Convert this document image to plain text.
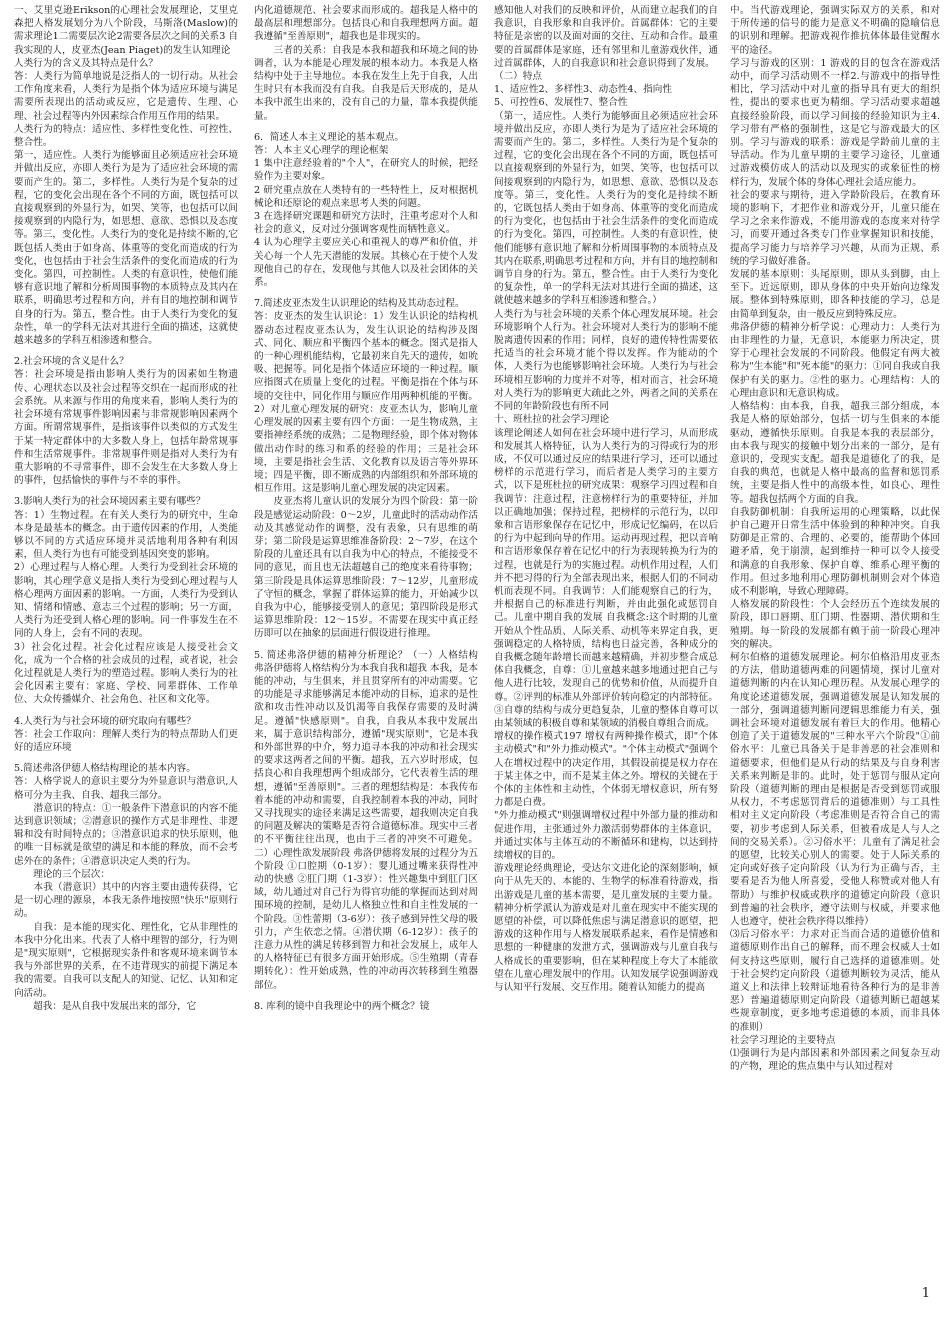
一、艾里克逊Erikson的心理社会发展理论，艾里克森把人格发展划分为八个阶段，马斯洛(Maslow)的需求理论1二需要层次论2需要各层次之间的关系3 自我实现的人，皮亚杰(Jean Piaget)的发生认知理论

人类行为的含义及其特点是什么？

答：人类行为简单地说是泛指人的一切行动。从社会工作角度来看，人类行为是指个体为适应环境与满足需要所表现出的活动或反应，它是遗传、生理、心理、社会过程等内外因素综合作用互作用的结果。

人类行为的特点：适应性、多样性变化性、可控性、整合性。

第一，适应性。人类行为能够面且必须适应社会环境并做出反应，亦即人类行为是为了适应社会环境的需要而产生的。第二，多样性。人类行为是个复杂的过程，它的变化会出现在各个不同的方面，既包括可以直接观察到的外显行为，如哭、笑等，也包括可以间接观察到的内隐行为，如思想、意欲、恐惧以及态度等。第三，变化性。人类行为的变化是持续不断的,它既包括人类由于如身高、体重等的变化而造成的行为变化，也包括由于社会生活条件的变化而造成的行为变化。第四，可控制性。人类的有意识性，使他们能够有意识地了解和分析周围事物的本质特点及其内在联系，明确思考过程和方向，并有目的地控制和调节自身的行为。第五，整合性。由于人类行为变化的复杂性，单一的学科无法对其进行全面的描述，这就使越来越多的学科互相渗透和整合。

2.社会环境的含义是什么？

答：社会环境是指由影响人类行为的因素如生物遗传、心理状态以及社会过程等交织在一起而形成的社会系统。从来源与作用的角度来看，影响人类行为的社会环境有常规事件影响因素与非常规影响因素两个方面。所谓常规事件，是指该事件以类似的方式发生于某一特定群体中的大多数人身上，包括年龄常规事件和生活常规事件。非常规事件则是指对人类行为有重大影响的不寻常事件，即不会发生在大多数人身上的事件，包括愉快的事件与不幸的事件。

3.影响人类行为的社会环境因素主要有哪些？

答：1）生物过程。在有关人类行为的研究中，生命本身是最基本的概念。由于遗传因素的作用，人类能够以不同的方式适应环境并灵活地利用各种有利因素，但人类行为也有可能受到基因突变的影响。

2）心理过程与人格心理。人类行为受到社会环境的影响，其心理学意义是指人类行为受到心理过程与人格心理两方面因素的影响。一方面，人类行为受到认知、情绪和情感、意志三个过程的影响；另一方面，人类行为还受到人格心理的影响。同一件事发生在不同的人身上，会有不同的表现。

3）社会化过程。社会化过程应该是人接受社会文化，成为一个合格的社会成员的过程，或者说，社会化过程就是人类行为的塑造过程。影响人类行为的社会化因素主要有：家庭、学校、同辈群体、工作单位、大众传播媒介、社会角色、社区和文化等。

4.人类行为与社会环境的研究取向有哪些？

答：社会工作取向：理解人类行为的特点帮助人们更好的适应环境

5.简述弗洛伊德人格结构理论的基本内容。

答：人格学说人的意识主要分为外显意识与潜意识,人格可分为主我、自我、超我三部分。

　　潜意识的特点：①一般条件下潜意识的内容不能达到意识领域；②潜意识的操作方式是非理性、非逻辑和没有时间特点的；③潜意识追求的快乐原则，他的唯一目标就是欲望的满足和本能的释放，而不会考虑外在的条件；④潜意识决定人类的行为。

　　理论的三个层次：

　　本我（潜意识）其中的内容主要由遗传获得，它是一切心理的源泉，本我无条件地按照"快乐"原则行动。

　　自我：是本能的现实化、理性化，它从非理性的本我中分化出来。代表了人格中理智的部分，行为则是"现实原则"，它根据现实条件和客观环境来调节本我与外部世界的关系，在不违背现实的前提下满足本我的需要。自我可以支配人的知觉、记忆、认知和定向活动。

　　超我：是从自我中发展出来的部分，它

内化道德规范、社会要求而形成的。超我是人格中的最高层和理想部分。包括良心和自我理想两方面。超我遵循"至善原则"，超我也是非现实的。

　　三者的关系：自我是本我和超我和环境之间的协调者，认为本能是心理发展的根本动力。本我是人格结构中处于主导地位。本我在发生上先于自我，人出生时只有本我而没有自我。自我是后天形成的，是从本我中派生出来的，没有自己的力量，靠本我提供能量。

6．简述人本主义理论的基本观点。

答：人本主义心理学的理论框架

1 集中注意经验着的"个人"，在研究人的时候，把经验作为主要对象。

2 研究重点放在人类特有的一些特性上，反对根据机械论和还原论的观点来思考人类的问题。

3 在选择研究课题和研究方法时，注重考虑对个人和社会的意义，反对过分强调客观性而牺牲意义。

4 认为心理学主要应关心和重视人的尊严和价值，并关心每一个人先天潜能的发展。其核心在于使个人发现他自己的存在，发现他与其他人以及社会团体的关系。

7.简述皮亚杰发生认识理论的结构及其动态过程。

答：皮亚杰的发生认识论：1）发生认识论的结构机器动态过程皮亚杰认为，发生认识论的结构涉及图式、同化、顺应和平衡四个基本的概念。图式是指人的一种心理机能结构，它最初来自先天的遗传，如吮吸、把握等。同化是指个体适应环境的一种过程。顺应指图式在质量上变化的过程。平衡是指在个体与环境的交往中，同化作用与顺应作用两种机能的平衡。2）对儿童心理发展的研究：皮亚杰认为，影响儿童心理发展的因素主要有四个方面：一是生物成熟，主要指神经系统的成熟；二是物理经验，即个体对物体做出动作时的练习和系的经验的作用；三是社会环境，主要是指社会生活、文化教育以及语言等外界环境；四是平衡，即不断成熟的内部组织和外部环境的相互作用。这是影响儿童心理发展的决定因素。

　　皮亚杰将儿童认识的发展分为四个阶段：第一阶段是感觉运动阶段：0～2岁，儿童此时的活动动作活动及其感觉动作的调整，没有表象，只有思维的萌芽；第二阶段是运算思维准备阶段：2～7岁，在这个阶段的儿童还具有以自我为中心的特点，不能接受不同的意见，而且也无法超越自己的绝度来看待事物；第三阶段是具体运算思维阶段：7～12岁，儿童形成了守恒的概念，掌握了群体运算的能力，开始减少以自我为中心，能够接受别人的意见；第四阶段是形式运算思维阶段：12～15岁。不需要在现实中真正经历即可以在抽象的层面进行假设进行推理。

5. 简述弗洛伊德的精神分析理论？（一）人格结构 弗洛伊德将人格结构分为本我自我和超我 本我，是本能的冲动，与生俱来，并且贯穿所有的冲动需要。它的功能是寻求能够满足本能冲动的目标，追求的是性欲和攻击性冲动以及饥渴等自我保存需要的及时满足。遵循"快感原则"。自我，自我从本我中发展出来，属于意识结构部分，遵循"现实原则"，它是本我和外部世界的中介，努力追寻本我的冲动和社会现实的要求这两者之间的平衡。超我，五六岁时形成，包括良心和自我理想两个组成部分，它代表着生活的理想，遵循"至善原则"。三者的理想结构是：本我传布着本能的冲动和需要，自我控制着本我的冲动，同时又寻找现实的途径来满足这些需要，超我则决定自我的问题及解决的策略是否符合道德标准。现实中三者的不平衡往往出现，也由于三者的冲突不可避免。二）心理性欲发展阶段 弗洛伊德将发展的过程分为五个阶段 ①口腔期（0-1岁）：婴儿通过嘴来获得性冲动的快感 ②肛门期（1-3岁）：性兴趣集中到肛门区域，幼儿通过对自己行为得官功能的掌握而达到对周围环境的控制，是幼儿人格独立性和自主性发展的一个阶段。③性蕾期（3-6岁）：孩子感到异性父母的吸引力，产生依恋之情。④潜伏期（6-12岁）：孩子的注意力从性的满足转移到智力和社会发展上，成年人的人格特征已有很多方面开始形成。⑤生殖期（青春期转化）：性开始成熟，性的冲动再次转移到生殖器部位。

8. 库利的镜中自我理论中的两个概念？镜

感知他人对我们的反映和评价，从而建立起我们的自我意识，自我形象和自我评价。首属群体：它的主要特征是亲密的以及面对面的交往、互动和合作。最重要的首属群体是家庭，还有邻里和儿童游戏伙伴，通过首属群体，人的自我意识和社会意识得到了发展。

（二）特点

1、适应性2、多样性3、动态性4、指向性

5、可控性6、发展性7、整合性

（第一，适应性。人类行为能够面且必须适应社会环境并做出反应，亦即人类行为是为了适应社会环境的需要而产生的。第二，多样性。人类行为是个复杂的过程，它的变化会出现在各个不同的方面，既包括可以直接观察到的外显行为，如哭、笑等，也包括可以间接观察到的内隐行为，如思想、意欲、恐惧以及态度等。第三，变化性。人类行为的变化是持续不断的，它既包括人类由于如身高、体重等的变化而造成的行为变化，也包括由于社会生活条件的变化而造成的行为变化。第四，可控制性。人类的有意识性，使他们能够有意识地了解和分析周围事物的本质特点及其内在联系,明确思考过程和方向，并有目的地控制和调节自身的行为。第五，整合性。由于人类行为变化的复杂性，单一的学科无法对其进行全面的描述，这就使越来越多的学科互相渗透和整合。）

人类行为与社会环境的关系个体心理发展环境。社会环境影响个人行为。社会环境对人类行为的影响不能脱离遗传因素的作用；同样，良好的遗传特性需要依托适当的社会环境才能个得以发挥。作为能动的个体，人类行为也能够影响社会环境。人类行为与社会环境相互影响的力度并不对等，相对而言，社会环境对人类行为的影响更大疏此之外，两者之间的关系在不同的年龄阶段也有所不同

十、班杜拉的社会学习理论

该理论阐述人如何在社会环境中进行学习，从而形成和发展其人格特征，认为人类行为的习得或行为的形成，不仅可以通过反应的结果进行学习，还可以通过榜样的示范进行学习，而后者是人类学习的主要方式，以下是班杜拉的研究成果：观察学习四过程和自我调节：注意过程，注意榜样行为的重要特征，并加以正确地加强；保持过程，把榜样的示范行为，以印象和言语形象保存在记忆中，形成记忆编码，在以后的行为中起到向导的作用。运动再现过程，把以音响和言语形象保存着在记忆中的行为表现转换为行为的过程，也就是行为的实施过程。动机作用过程，人们并不把习得的行为全部表现出来，根据人们的不同动机而表现不同。自我调节：人们能观察自己的行为，并根据自己的标准进行判断，并由此强化或惩罚自己。儿童中期自我的发展 自我概念:这个时期的儿童开始从个性品质、人际关系、动机等来界定自我，更强调稳定的人格特质，结构也日益完善，各种成分的自我概念随年龄增长而越来越精确，并初步整合成总体自我概念，自尊：①儿童越来越多地通过把自己与他人进行比较，发现自己的优势和价值，从而提升自尊。②评判的标准从外部评价转向稳定的内部特征。③自尊的结构与成分更趋复杂，儿童的整体自尊可以由某领域的积极自尊和某领域的消极自尊组合而成。

增权的操作模式197 增权有两种操作模式，即"个体主动模式"和"外力推动模式"。"个体主动模式"强调个人在增权过程中的决定作用，其假设前提是权力存在于某主体之中，而不是某主体之外。增权的关键在于个体的主体性和主动性，个体弱无增权意识，所有努力都是白费。

"外力推动模式"则强调增权过程中外部力量的推动和促进作用，主张通过外力激活弱势群体的主体意识，并通过实体与主体互动的不断循环和建构，以达到持续增权的目的。

游戏理论经典理论，受达尔文进化论的深刻影响，倾向于从先天的、本能的、生物学的标准看待游戏，指出游戏是儿童的基本需要，是儿童发展的主要力量。精神分析学派认为游戏是对儿童在现实中不能实现的愿望的补偿，可以降低焦虑与满足潜意识的愿望，把游戏的这种作用与人格发展联系起来，看作是情感和思想的一种健康的发泄方式，强调游戏与儿童自我与人格成长的重要影响，但在某种程度上夸大了本能欲望在儿童心理发展中的作用。认知发展学说强调游戏与认知平行发展、交互作用。随着认知能力的提高

中。当代游戏理论，强调实际双方的关系，和对于所传递的信号的能力是意义不明确的隐喻信息的识别和理解。把游戏视作推抗体体最佳觉醒水平的途径。

学习与游戏的区别：1 游戏的目的包含在游戏活动中，而学习活动则不一样2.与游戏中的指导性相比，学习活动中对儿童的指导具有更大的组织性，提出的要求也更为精细。学习活动要求超越直接经验阶段，而以学习间接的经验知识为主4.学习带有严格的强制性，这是它与游戏最大的区别。学习与游戏的联系：游戏是学龄前儿童的主导活动。作为儿童早期的主要学习途径，儿童通过游戏模仿成人的活动以及现实的或象征性的榜样行为，发展个体的身体心理社会适应能力。

社会的要求与期待，进入学龄阶段后，在教育环境的影响下，才把作业和游戏分开，儿童只能在学习之余来作游戏，不能用游戏的态度来对待学习，而要开通过各类专门作业掌握知识和技能，提高学习能力与培养学习兴趣，从而为正规、系统的学习做好准备。

发展的基本原则：头尾原则，即从头到脚，由上至下。近远原则，即从身体的中央开始向边缘发展。整体到特殊原则，即各种技能的学习，总是由简单到复杂，由一般反应到特殊反应。

弗洛伊德的精神分析学说：心理动力：人类行为由非理性的力量，无意识，本能驱力所决定，贯穿于心理社会发展的不同阶段。他假定有两大被称为"生本能"和"死本能"的驱力：①同自我或自我保护有关的驱力。②性的驱力。心理结构：人的心理由意识和无意识构成。

人格结构：由本我，自我，超我三部分组成，本我是人格的原始部分，包括一切与生俱来的本能驱动，遵循快乐原则。自我是本我的表层部分，由本我与现实的接触中划分出来的一部分，是有意识的，受现实支配。超我是道德化了的我，是自我的典范，也就是人格中最高的监督和惩罚系统，主要是指人性中的高级本性，如良心、理性等。超我包括两个方面的自我。

自我防御机制：自我所运用的心理策略，以此保护自己避开日常生活中体验到的种种冲突。自我防御是正常的、合理的、必要的，能帮助个体回避矛盾，免于崩溃，起到维持一种可以令人接受和满意的自我形象、保护自尊、维系心理平衡的作用。但过多地利用心理防御机制则会对个体造成不利影响，导致心理障碍。

人格发展的阶段性：个人会经历五个连续发展的阶段，即口唇期、肛门期、性器期、潜伏期和生殖期。每一阶段的发展都有赖于前一阶段心理冲突的解决。

柯尔伯格的道德发展理论。柯尔伯格沿用皮亚杰的方法，借助道德两难的问题情境，探讨儿童对道德判断的内在认知心理历程。从发展心理学的角度论述道德发展，强调道德发展是认知发展的一部分，强调道德判断同逻辑思维能力有关，强调社会环境对道德发展有着巨大的作用。他精心创造了关于道德发展的"三种水平六个阶段"①前俗水平：儿童已具备关于是非善恶的社会准则和道德要求，但他们是从行动的结果及与自身利害关系来判断是非的。此时，处于惩罚与服从定向阶段（道德判断的理由是根据是否受到惩罚或服从权力，不考虑惩罚背后的道德准则）与工具性相对主义定向阶段（考虑准则是否符合自己的需要，初步考虑到人际关系，但被看成是人与人之间的交易关系）。②习俗水平：儿童有了满足社会的愿望，比较关心别人的需要。处于人际关系的定向或好孩子定向阶段（认为行为正确与否，主要看是否为他人所喜爱，受他人称赞或对他人有帮助）与维护权威或秩序的道德定向阶段（意识到普遍的社会秩序，遵守法则与权威，并要求他人也遵守，使社会秩序得以维持）

⑶后习俗水平：力求对正当而合适的道德价值和道德原则作出自己的解释，而不理会权威人士如何支持这些原则，履行自己选择的道德准则。处于社会契约定向阶段（道德判断较为灵活，能从道义上和法律上较辩证地看待各种行为的是非善恶）普遍道德原则定向阶段（道德判断已超越某些规章制度，更多地考虑道德的本质，而非具体的准则）

社会学习理论的主要特点

⑴强调行为是内部因素和外部因素之间复杂互动的产物，理论的焦点集中与认知过程对

1
